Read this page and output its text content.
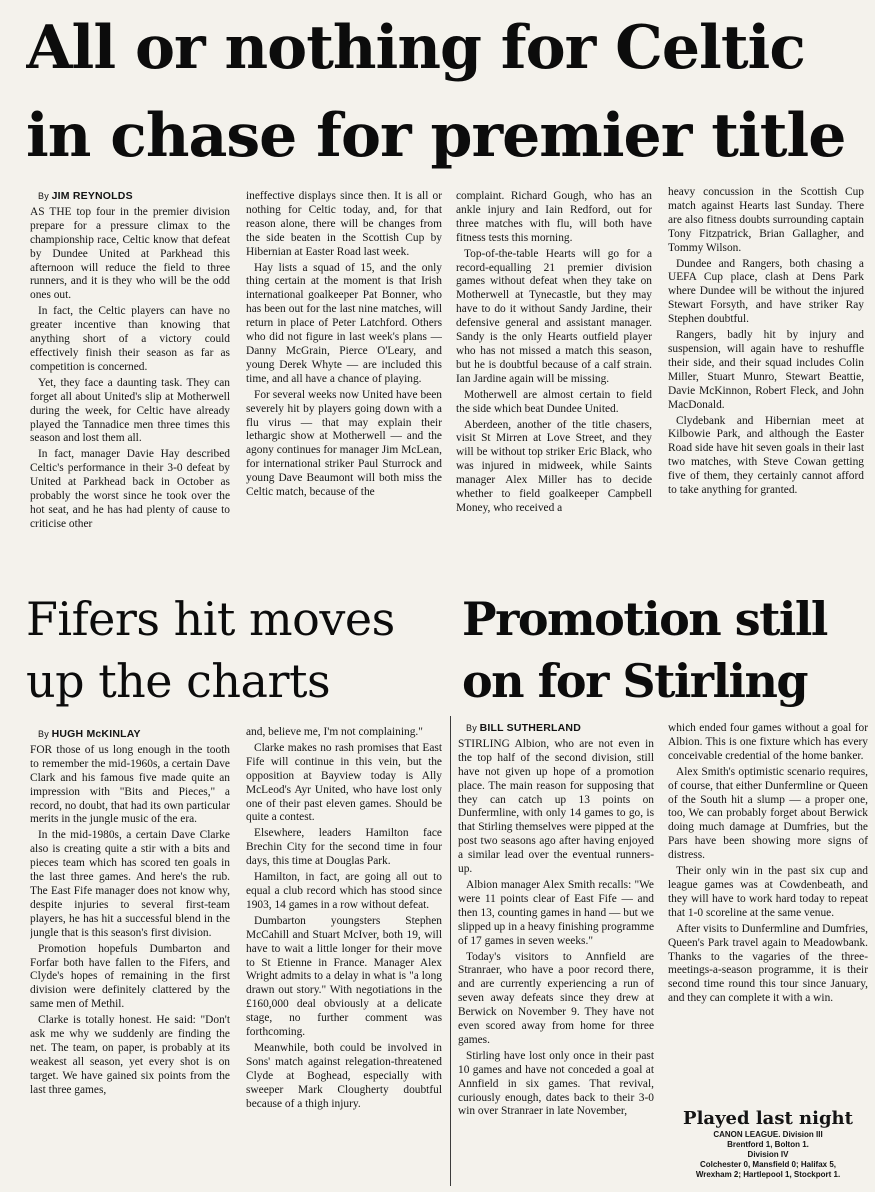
All or nothing for Celtic
in chase for premier title

By JIM REYNOLDS

AS THE top four in the premier division prepare for a pressure climax to the championship race, Celtic know that defeat by Dundee United at Parkhead this afternoon will reduce the field to three runners, and it is they who will be the odd ones out.

In fact, the Celtic players can have no greater incentive than knowing that anything short of a victory could effectively finish their season as far as competition is concerned.

Yet, they face a daunting task. They can forget all about United's slip at Motherwell during the week, for Celtic have already played the Tannadice men three times this season and lost them all.

In fact, manager Davie Hay described Celtic's performance in their 3-0 defeat by United at Parkhead back in October as probably the worst since he took over the hot seat, and he has had plenty of cause to criticise other

ineffective displays since then. It is all or nothing for Celtic today, and, for that reason alone, there will be changes from the side beaten in the Scottish Cup by Hibernian at Easter Road last week.

Hay lists a squad of 15, and the only thing certain at the moment is that Irish international goalkeeper Pat Bonner, who has been out for the last nine matches, will return in place of Peter Latchford. Others who did not figure in last week's plans — Danny McGrain, Pierce O'Leary, and young Derek Whyte — are included this time, and all have a chance of playing.

For several weeks now United have been severely hit by players going down with a flu virus — that may explain their lethargic show at Motherwell — and the agony continues for manager Jim McLean, for international striker Paul Sturrock and young Dave Beaumont will both miss the Celtic match, because of the

complaint. Richard Gough, who has an ankle injury and Iain Redford, out for three matches with flu, will both have fitness tests this morning.

Top-of-the-table Hearts will go for a record-equalling 21 premier division games without defeat when they take on Motherwell at Tynecastle, but they may have to do it without Sandy Jardine, their defensive general and assistant manager. Sandy is the only Hearts outfield player who has not missed a match this season, but he is doubtful because of a calf strain. Ian Jardine again will be missing.

Motherwell are almost certain to field the side which beat Dundee United.

Aberdeen, another of the title chasers, visit St Mirren at Love Street, and they will be without top striker Eric Black, who was injured in midweek, while Saints manager Alex Miller has to decide whether to field goalkeeper Campbell Money, who received a

heavy concussion in the Scottish Cup match against Hearts last Sunday. There are also fitness doubts surrounding captain Tony Fitzpatrick, Brian Gallagher, and Tommy Wilson.

Dundee and Rangers, both chasing a UEFA Cup place, clash at Dens Park where Dundee will be without the injured Stewart Forsyth, and have striker Ray Stephen doubtful.

Rangers, badly hit by injury and suspension, will again have to reshuffle their side, and their squad includes Colin Miller, Stuart Munro, Stewart Beattie, Davie McKinnon, Robert Fleck, and John MacDonald.

Clydebank and Hibernian meet at Kilbowie Park, and although the Easter Road side have hit seven goals in their last two matches, with Steve Cowan getting five of them, they certainly cannot afford to take anything for granted.

Fifers hit moves
up the charts

By HUGH McKINLAY

FOR those of us long enough in the tooth to remember the mid-1960s, a certain Dave Clark and his famous five made quite an impression with "Bits and Pieces," a record, no doubt, that had its own particular merits in the jungle music of the era.

In the mid-1980s, a certain Dave Clarke also is creating quite a stir with a bits and pieces team which has scored ten goals in the last three games. And here's the rub. The East Fife manager does not know why, despite injuries to several first-team players, he has hit a successful blend in the jungle that is this season's first division.

Promotion hopefuls Dumbarton and Forfar both have fallen to the Fifers, and Clyde's hopes of remaining in the first division were definitely clattered by the same men of Methil.

Clarke is totally honest. He said: "Don't ask me why we suddenly are finding the net. The team, on paper, is probably at its weakest all season, yet every shot is on target. We have gained six points from the last three games,

and, believe me, I'm not complaining."

Clarke makes no rash promises that East Fife will continue in this vein, but the opposition at Bayview today is Ally McLeod's Ayr United, who have lost only one of their past eleven games. Should be quite a contest.

Elsewhere, leaders Hamilton face Brechin City for the second time in four days, this time at Douglas Park.

Hamilton, in fact, are going all out to equal a club record which has stood since 1903, 14 games in a row without defeat.

Dumbarton youngsters Stephen McCahill and Stuart McIver, both 19, will have to wait a little longer for their move to St Etienne in France. Manager Alex Wright admits to a delay in what is "a long drawn out story." With negotiations in the £160,000 deal obviously at a delicate stage, no further comment was forthcoming.

Meanwhile, both could be involved in Sons' match against relegation-threatened Clyde at Boghead, especially with sweeper Mark Clougherty doubtful because of a thigh injury.

Promotion still
on for Stirling

By BILL SUTHERLAND

STIRLING Albion, who are not even in the top half of the second division, still have not given up hope of a promotion place. The main reason for supposing that they can catch up 13 points on Dunfermline, with only 14 games to go, is that Stirling themselves were pipped at the post two seasons ago after having enjoyed a similar lead over the eventual runners-up.

Albion manager Alex Smith recalls: "We were 11 points clear of East Fife — and then 13, counting games in hand — but we slipped up in a heavy finishing programme of 17 games in seven weeks."

Today's visitors to Annfield are Stranraer, who have a poor record there, and are currently experiencing a run of seven away defeats since they drew at Berwick on November 9. They have not even scored away from home for three games.

Stirling have lost only once in their past 10 games and have not conceded a goal at Annfield in six games. That revival, curiously enough, dates back to their 3-0 win over Stranraer in late November,

which ended four games without a goal for Albion. This is one fixture which has every conceivable credential of the home banker.

Alex Smith's optimistic scenario requires, of course, that either Dunfermline or Queen of the South hit a slump — a proper one, too, We can probably forget about Berwick doing much damage at Dumfries, but the Pars have been showing more signs of distress.

Their only win in the past six cup and league games was at Cowdenbeath, and they will have to work hard today to repeat that 1-0 scoreline at the same venue.

After visits to Dunfermline and Dumfries, Queen's Park travel again to Meadowbank. Thanks to the vagaries of the three-meetings-a-season programme, it is their second time round this tour since January, and they can complete it with a win.

Played last night

CANON LEAGUE. Division III

Brentford 1, Bolton 1.

Division IV

Colchester 0, Mansfield 0; Halifax 5,

Wrexham 2; Hartlepool 1, Stockport 1.
